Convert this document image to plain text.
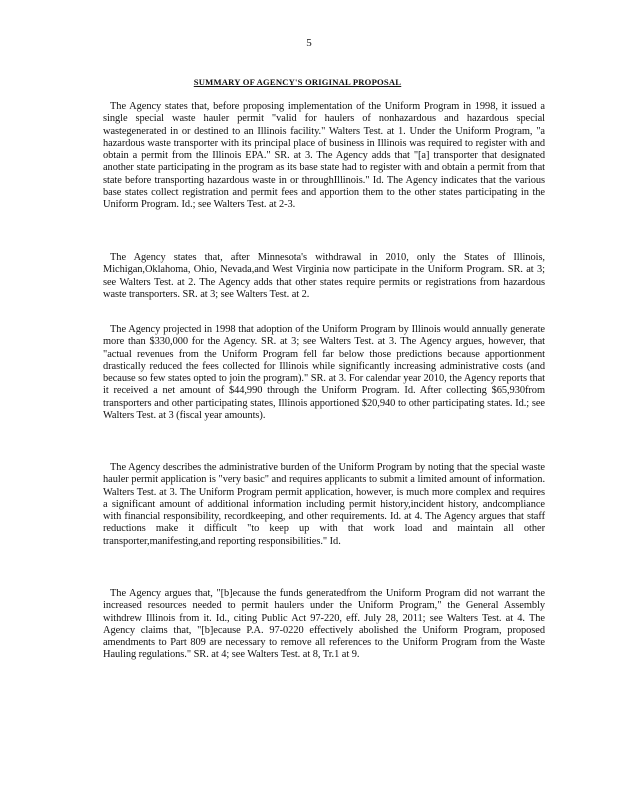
5
SUMMARY OF AGENCY'S ORIGINAL PROPOSAL

The Agency states that, before proposing implementation of the Uniform Program in 1998, it issued a single special waste hauler permit "valid for haulers of nonhazardous and hazardous special wastegenerated in or destined to an Illinois facility." Walters Test. at 1. Under the Uniform Program, "a hazardous waste transporter with its principal place of business in Illinois was required to register with and obtain a permit from the Illinois EPA." SR. at 3. The Agency adds that "[a] transporter that designated another state participating in the program as its base state had to register with and obtain a permit from that state before transporting hazardous waste in or throughIllinois." Id. The Agency indicates that the various base states collect registration and permit fees and apportion them to the other states participating in the Uniform Program. Id.; see Walters Test. at 2-3.

The Agency states that, after Minnesota's withdrawal in 2010, only the States of Illinois, Michigan,Oklahoma, Ohio, Nevada,and West Virginia now participate in the Uniform Program. SR. at 3; see Walters Test. at 2. The Agency adds that other states require permits or registrations from hazardous waste transporters. SR. at 3; see Walters Test. at 2.

The Agency projected in 1998 that adoption of the Uniform Program by Illinois would annually generate more than $330,000 for the Agency. SR. at 3; see Walters Test. at 3. The Agency argues, however, that "actual revenues from the Uniform Program fell far below those predictions because apportionment drastically reduced the fees collected for Illinois while significantly increasing administrative costs (and because so few states opted to join the program)." SR. at 3. For calendar year 2010, the Agency reports that it received a net amount of $44,990 through the Uniform Program. Id. After collecting $65,930from transporters and other participating states, Illinois apportioned $20,940 to other participating states. Id.; see Walters Test. at 3 (fiscal year amounts).

The Agency describes the administrative burden of the Uniform Program by noting that the special waste hauler permit application is "very basic" and requires applicants to submit a limited amount of information. Walters Test. at 3. The Uniform Program permit application, however, is much more complex and requires a significant amount of additional information including permit history,incident history, andcompliance with financial responsibility, recordkeeping, and other requirements. Id. at 4. The Agency argues that staff reductions make it difficult "to keep up with that work load and maintain all other transporter,manifesting,and reporting responsibilities." Id.

The Agency argues that, "[b]ecause the funds generatedfrom the Uniform Program did not warrant the increased resources needed to permit haulers under the Uniform Program," the General Assembly withdrew Illinois from it. Id., citing Public Act 97-220, eff. July 28, 2011; see Walters Test. at 4. The Agency claims that, "[b]ecause P.A. 97-0220 effectively abolished the Uniform Program, proposed amendments to Part 809 are necessary to remove all references to the Uniform Program from the Waste Hauling regulations." SR. at 4; see Walters Test. at 8, Tr.1 at 9.
